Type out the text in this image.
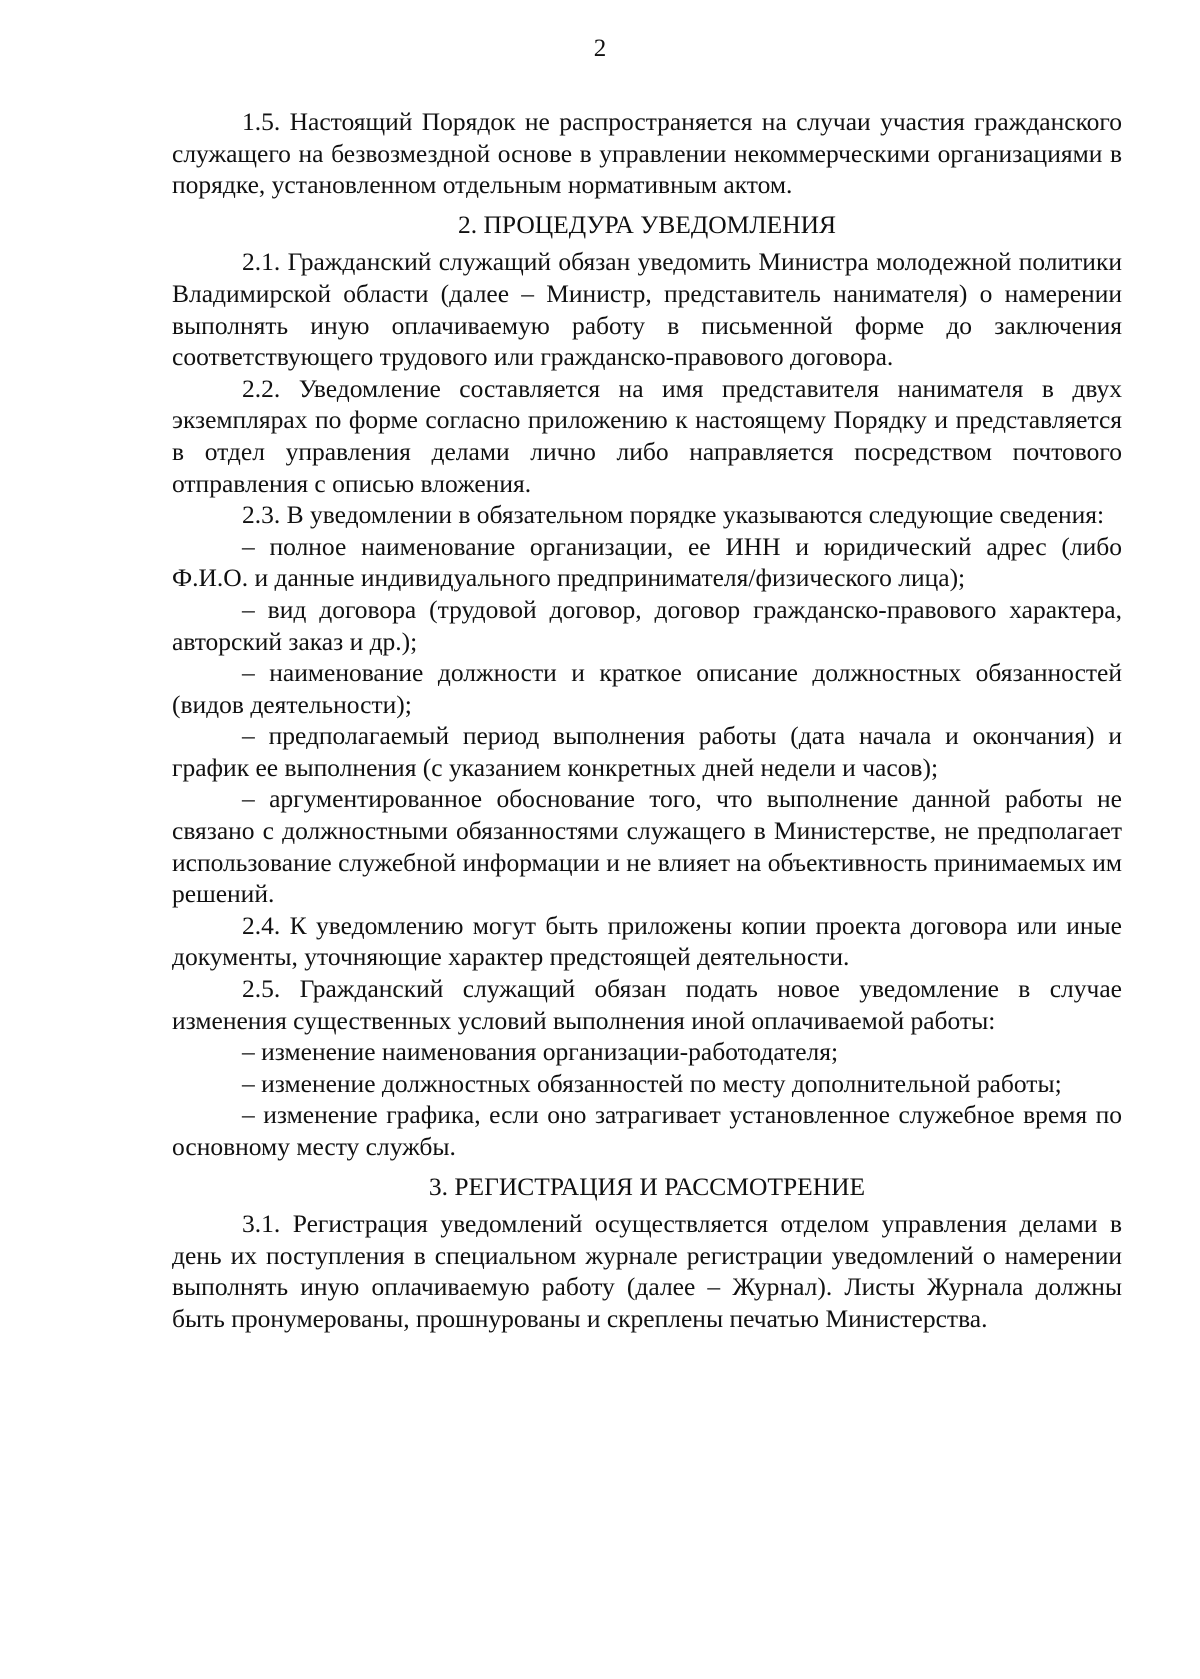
2

1.5. Настоящий Порядок не распространяется на случаи участия гражданского служащего на безвозмездной основе в управлении некоммерческими организациями в порядке, установленном отдельным нормативным актом.

2. ПРОЦЕДУРА УВЕДОМЛЕНИЯ

2.1. Гражданский служащий обязан уведомить Министра молодежной политики Владимирской области (далее – Министр, представитель нанимателя) о намерении выполнять иную оплачиваемую работу в письменной форме до заключения соответствующего трудового или гражданско-правового договора.

2.2. Уведомление составляется на имя представителя нанимателя в двух экземплярах по форме согласно приложению к настоящему Порядку и представляется в отдел управления делами лично либо направляется посредством почтового отправления с описью вложения.

2.3. В уведомлении в обязательном порядке указываются следующие сведения:

– полное наименование организации, ее ИНН и юридический адрес (либо Ф.И.О. и данные индивидуального предпринимателя/физического лица);

– вид договора (трудовой договор, договор гражданско-правового характера, авторский заказ и др.);

– наименование должности и краткое описание должностных обязанностей (видов деятельности);

– предполагаемый период выполнения работы (дата начала и окончания) и график ее выполнения (с указанием конкретных дней недели и часов);

– аргументированное обоснование того, что выполнение данной работы не связано с должностными обязанностями служащего в Министерстве, не предполагает использование служебной информации и не влияет на объективность принимаемых им решений.

2.4. К уведомлению могут быть приложены копии проекта договора или иные документы, уточняющие характер предстоящей деятельности.

2.5. Гражданский служащий обязан подать новое уведомление в случае изменения существенных условий выполнения иной оплачиваемой работы:

– изменение наименования организации-работодателя;

– изменение должностных обязанностей по месту дополнительной работы;

– изменение графика, если оно затрагивает установленное служебное время по основному месту службы.

3. РЕГИСТРАЦИЯ И РАССМОТРЕНИЕ

3.1. Регистрация уведомлений осуществляется отделом управления делами в день их поступления в специальном журнале регистрации уведомлений о намерении выполнять иную оплачиваемую работу (далее – Журнал). Листы Журнала должны быть пронумерованы, прошнурованы и скреплены печатью Министерства.
